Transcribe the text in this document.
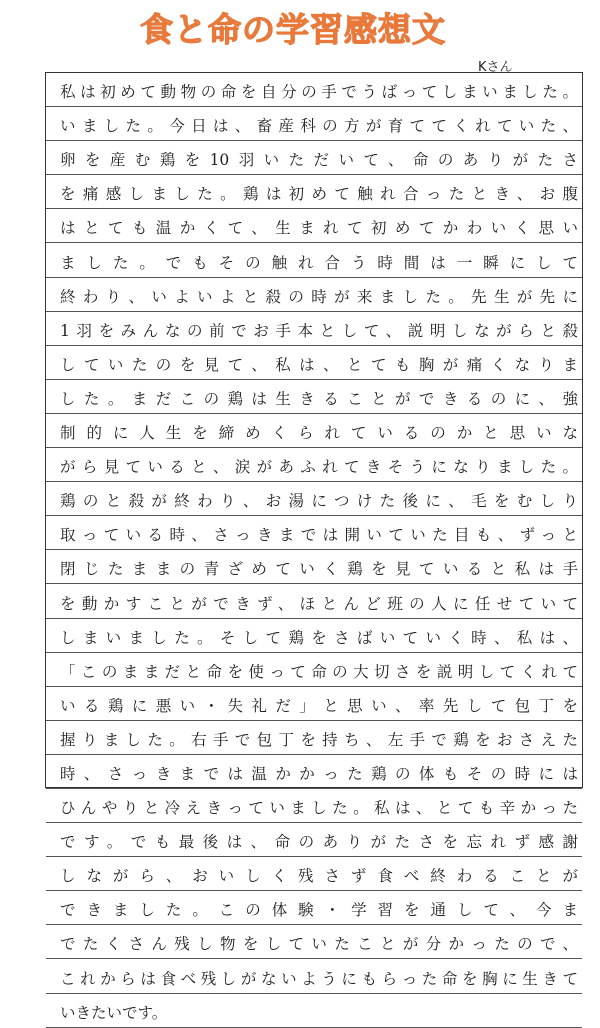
食と命の学習感想文
Kさん
私は初めて動物の命を自分の手でうばってしまいました。
いました。今日は、畜産科の方が育ててくれていた、
卵を産む鶏を10羽いただいて、命のありがたさ
を痛感しました。鶏は初めて触れ合ったとき、お腹
はとても温かくて、生まれて初めてかわいく思い
ました。でもその触れ合う時間は一瞬にして
終わり、いよいよと殺の時が来ました。先生が先に
1羽をみんなの前でお手本として、説明しながらと殺
していたのを見て、私は、とても胸が痛くなりま
した。まだこの鶏は生きることができるのに、強
制的に人生を締めくられているのかと思いな
がら見ていると、涙があふれてきそうになりました。
鶏のと殺が終わり、お湯につけた後に、毛をむしり
取っている時、さっきまでは開いていた目も、ずっと
閉じたままの青ざめていく鶏を見ていると私は手
を動かすことができず、ほとんど班の人に任せていて
しまいました。そして鶏をさばいていく時、私は、
「このままだと命を使って命の大切さを説明してくれて
いる鶏に悪い・失礼だ」と思い、率先して包丁を
握りました。右手で包丁を持ち、左手で鶏をおさえた
時、さっきまでは温かかった鶏の体もその時には
ひんやりと冷えきっていました。私は、とても辛かった
です。でも最後は、命のありがたさを忘れず感謝
しながら、おいしく残さず食べ終わることが
できました。この体験・学習を通して、今ま
でたくさん残し物をしていたことが分かったので、
これからは食べ残しがないようにもらった命を胸に生きて
いきたいです。
